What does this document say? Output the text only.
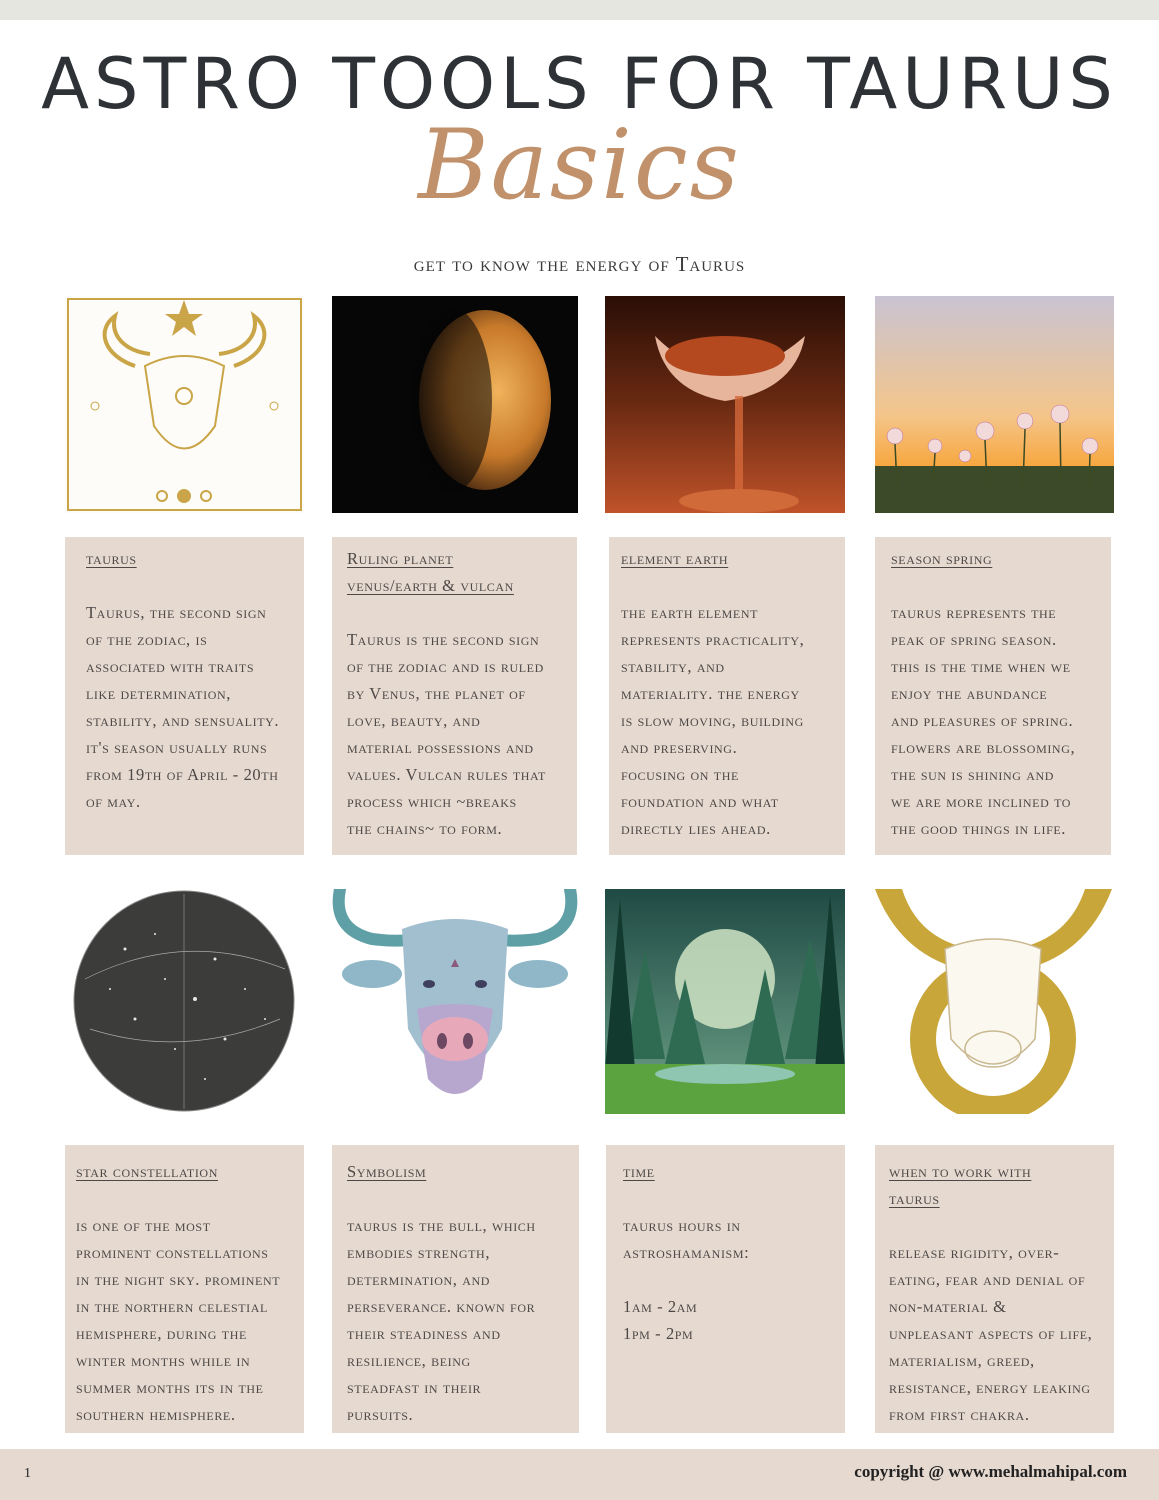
ASTRO TOOLS FOR TAURUS
Basics
get to know the energy of Taurus
taurus
Taurus, the second sign
of the zodiac, is
associated with traits
like determination,
stability, and sensuality.
it's season usually runs
from 19th of April - 20th
of may.
Ruling planet
venus/earth & vulcan
Taurus is the second sign
of the zodiac and is ruled
by Venus, the planet of
love, beauty, and
material possessions and
values. Vulcan rules that
process which ~breaks
the chains~ to form.
element earth
the earth element
represents practicality,
stability, and
materiality. the energy
is slow moving, building
and preserving.
focusing on the
foundation and what
directly lies ahead.
season spring
taurus represents the
peak of spring season.
this is the time when we
enjoy the abundance
and pleasures of spring.
flowers are blossoming,
the sun is shining and
we are more inclined to
the good things in life.
star constellation
is one of the most
prominent constellations
in the night sky. prominent
in the northern celestial
hemisphere, during the
winter months while in
summer months its in the
southern hemisphere.
Symbolism
taurus is the bull, which
embodies strength,
determination, and
perseverance. known for
their steadiness and
resilience, being
steadfast in their
pursuits.
time
taurus hours in
astroshamanism:

1am - 2am
1pm - 2pm
when to work with
taurus
release rigidity, over-
eating, fear and denial of
non-material &
unpleasant aspects of life,
materialism, greed,
resistance, energy leaking
from first chakra.
1	copyright @ www.mehalmahipal.com
